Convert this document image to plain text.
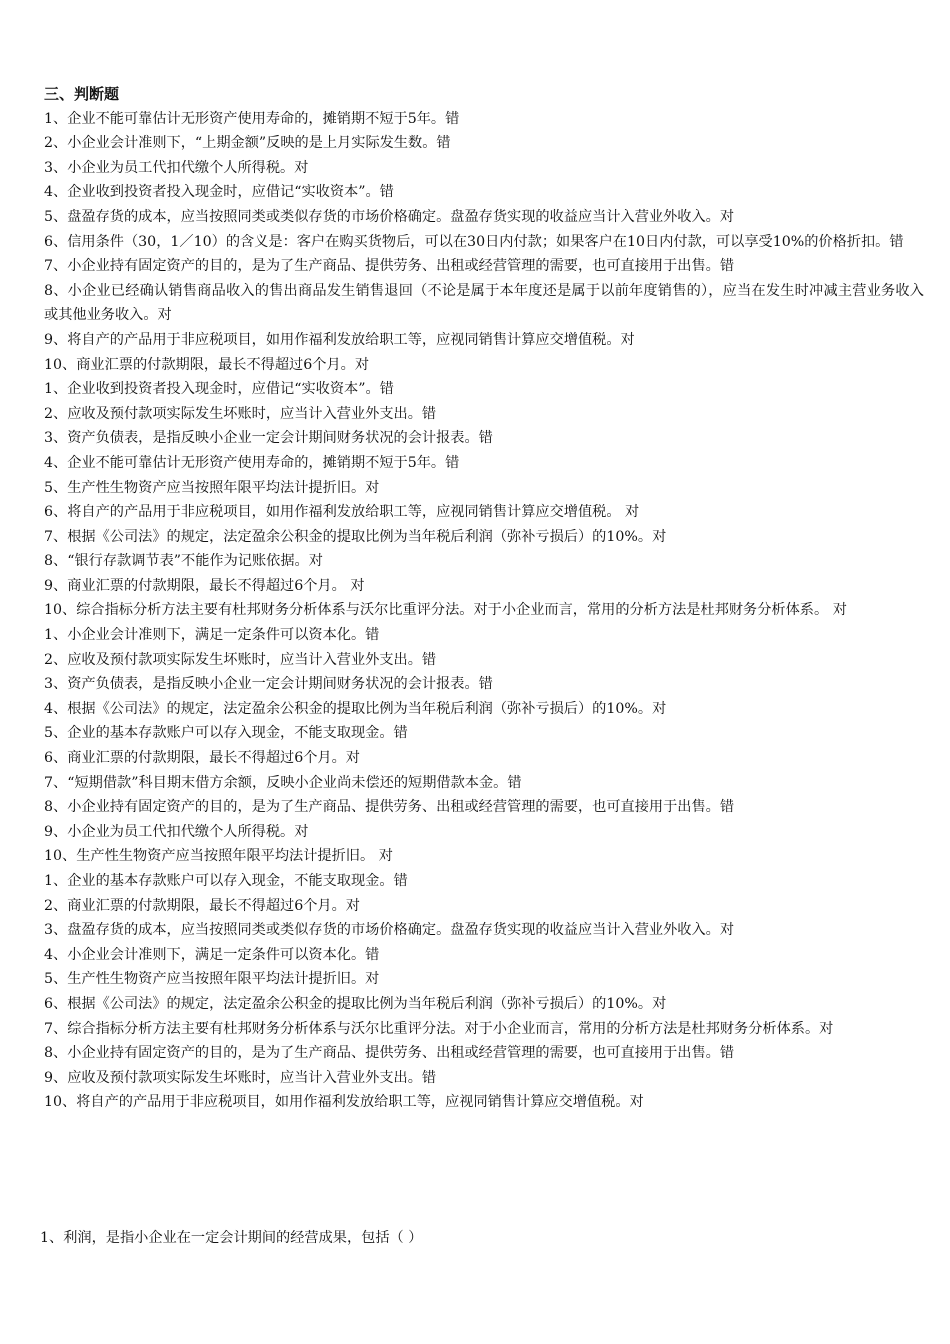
三、判断题
1、企业不能可靠估计无形资产使用寿命的，摊销期不短于5年。错
2、小企业会计准则下，“上期金额”反映的是上月实际发生数。错
3、小企业为员工代扣代缴个人所得税。对
4、企业收到投资者投入现金时，应借记“实收资本”。错
5、盘盈存货的成本，应当按照同类或类似存货的市场价格确定。盘盈存货实现的收益应当计入营业外收入。对
6、信用条件（30，1／10）的含义是：客户在购买货物后，可以在30日内付款；如果客户在10日内付款，可以享受10%的价格折扣。错
7、小企业持有固定资产的目的，是为了生产商品、提供劳务、出租或经营管理的需要，也可直接用于出售。错
8、小企业已经确认销售商品收入的售出商品发生销售退回（不论是属于本年度还是属于以前年度销售的），应当在发生时冲减主营业务收入或其他业务收入。对
9、将自产的产品用于非应税项目，如用作福利发放给职工等，应视同销售计算应交增值税。对
10、商业汇票的付款期限，最长不得超过6个月。对
1、企业收到投资者投入现金时，应借记“实收资本”。错
2、应收及预付款项实际发生坏账时，应当计入营业外支出。错
3、资产负债表，是指反映小企业一定会计期间财务状况的会计报表。错
4、企业不能可靠估计无形资产使用寿命的，摊销期不短于5年。错
5、生产性生物资产应当按照年限平均法计提折旧。对
6、将自产的产品用于非应税项目，如用作福利发放给职工等，应视同销售计算应交增值税。 对
7、根据《公司法》的规定，法定盈余公积金的提取比例为当年税后利润（弥补亏损后）的10%。对
8、“银行存款调节表”不能作为记账依据。对
9、商业汇票的付款期限，最长不得超过6个月。 对
10、综合指标分析方法主要有杜邦财务分析体系与沃尔比重评分法。对于小企业而言，常用的分析方法是杜邦财务分析体系。 对
1、小企业会计准则下，满足一定条件可以资本化。错
2、应收及预付款项实际发生坏账时，应当计入营业外支出。错
3、资产负债表，是指反映小企业一定会计期间财务状况的会计报表。错
4、根据《公司法》的规定，法定盈余公积金的提取比例为当年税后利润（弥补亏损后）的10%。对
5、企业的基本存款账户可以存入现金，不能支取现金。错
6、商业汇票的付款期限，最长不得超过6个月。对
7、“短期借款”科目期末借方余额，反映小企业尚未偿还的短期借款本金。错
8、小企业持有固定资产的目的，是为了生产商品、提供劳务、出租或经营管理的需要，也可直接用于出售。错
9、小企业为员工代扣代缴个人所得税。对
10、生产性生物资产应当按照年限平均法计提折旧。 对
1、企业的基本存款账户可以存入现金，不能支取现金。错
2、商业汇票的付款期限，最长不得超过6个月。对
3、盘盈存货的成本，应当按照同类或类似存货的市场价格确定。盘盈存货实现的收益应当计入营业外收入。对
4、小企业会计准则下，满足一定条件可以资本化。错
5、生产性生物资产应当按照年限平均法计提折旧。对
6、根据《公司法》的规定，法定盈余公积金的提取比例为当年税后利润（弥补亏损后）的10%。对
7、综合指标分析方法主要有杜邦财务分析体系与沃尔比重评分法。对于小企业而言，常用的分析方法是杜邦财务分析体系。对
8、小企业持有固定资产的目的，是为了生产商品、提供劳务、出租或经营管理的需要，也可直接用于出售。错
9、应收及预付款项实际发生坏账时，应当计入营业外支出。错
10、将自产的产品用于非应税项目，如用作福利发放给职工等，应视同销售计算应交增值税。对
1、利润，是指小企业在一定会计期间的经营成果，包括（ ）
